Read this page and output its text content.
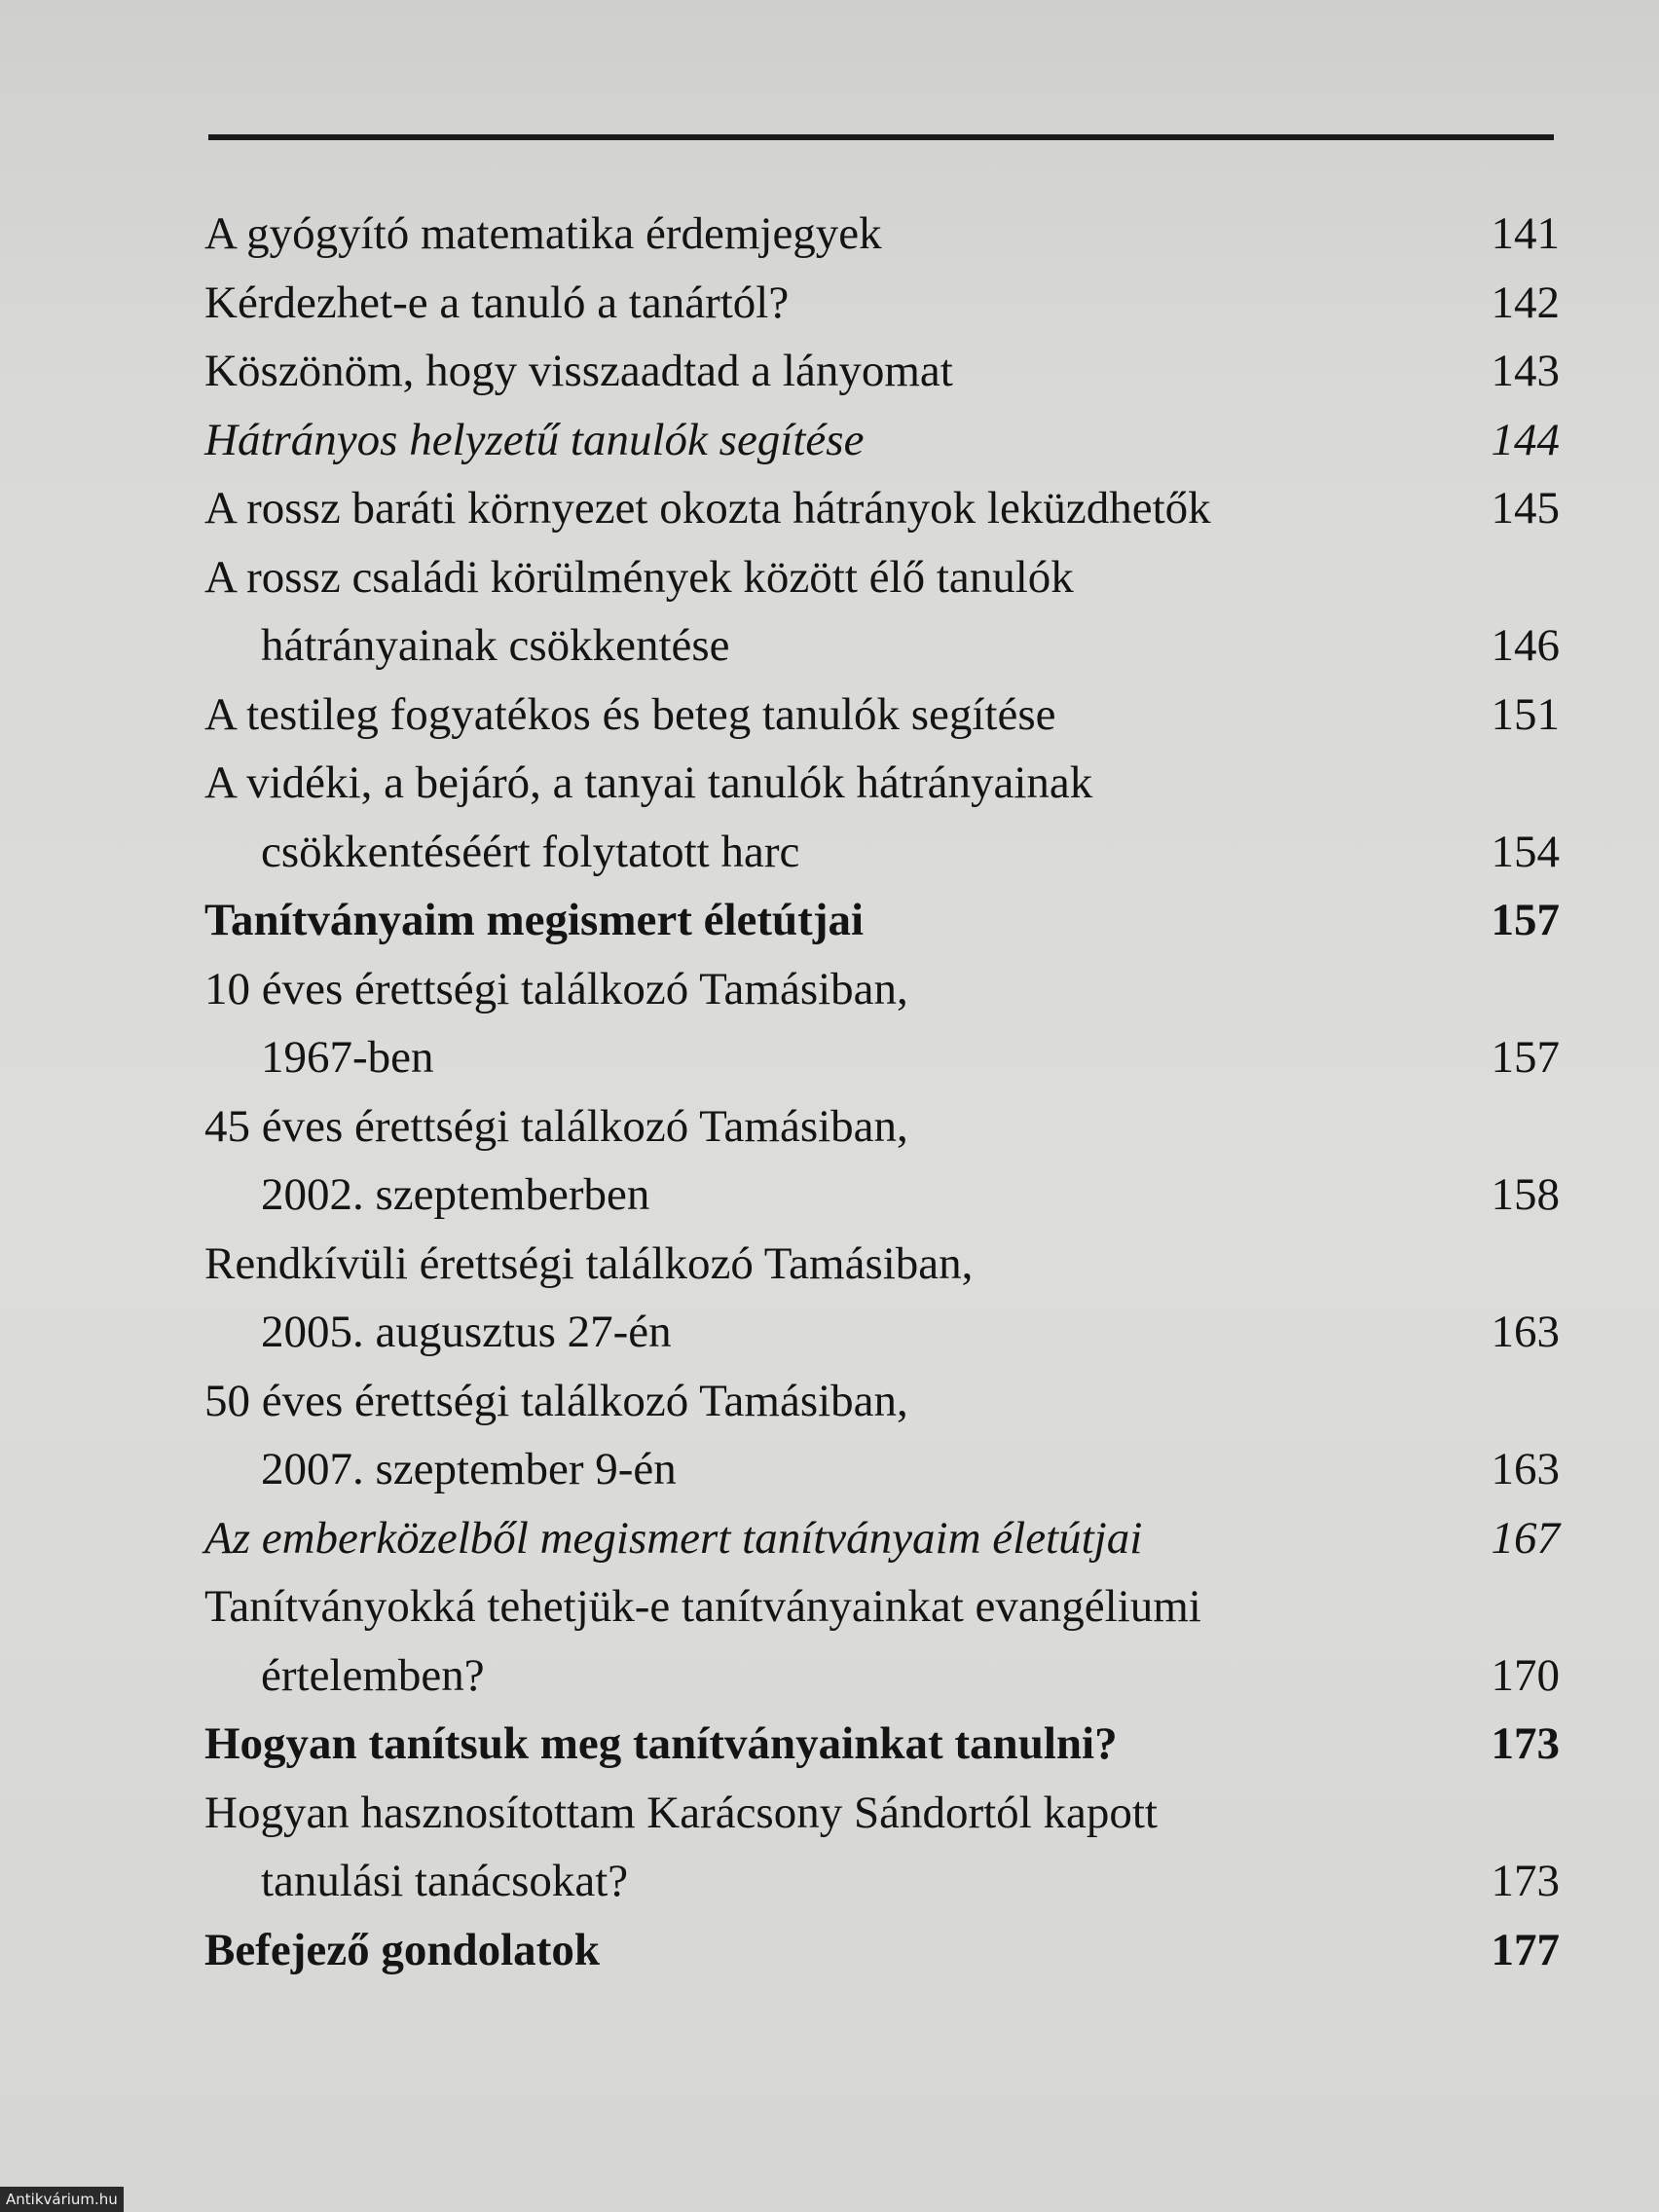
A gyógyító matematika érdemjegyek	141
Kérdezhet-e a tanuló a tanártól?	142
Köszönöm, hogy visszaadtad a lányomat	143
Hátrányos helyzetű tanulók segítése	144
A rossz baráti környezet okozta hátrányok leküzdhetők	145
A rossz családi körülmények között élő tanulók
hátrányainak csökkentése	146
A testileg fogyatékos és beteg tanulók segítése	151
A vidéki, a bejáró, a tanyai tanulók hátrányainak
csökkentéséért folytatott harc	154
Tanítványaim megismert életútjai	157
10 éves érettségi találkozó Tamásiban,
1967-ben	157
45 éves érettségi találkozó Tamásiban,
2002. szeptemberben	158
Rendkívüli érettségi találkozó Tamásiban,
2005. augusztus 27-én	163
50 éves érettségi találkozó Tamásiban,
2007. szeptember 9-én	163
Az emberközelből megismert tanítványaim életútjai	167
Tanítványokká tehetjük-e tanítványainkat evangéliumi
értelemben?	170
Hogyan tanítsuk meg tanítványainkat tanulni?	173
Hogyan hasznosítottam Karácsony Sándortól kapott
tanulási tanácsokat?	173
Befejező gondolatok	177
Antikvárium.hu
